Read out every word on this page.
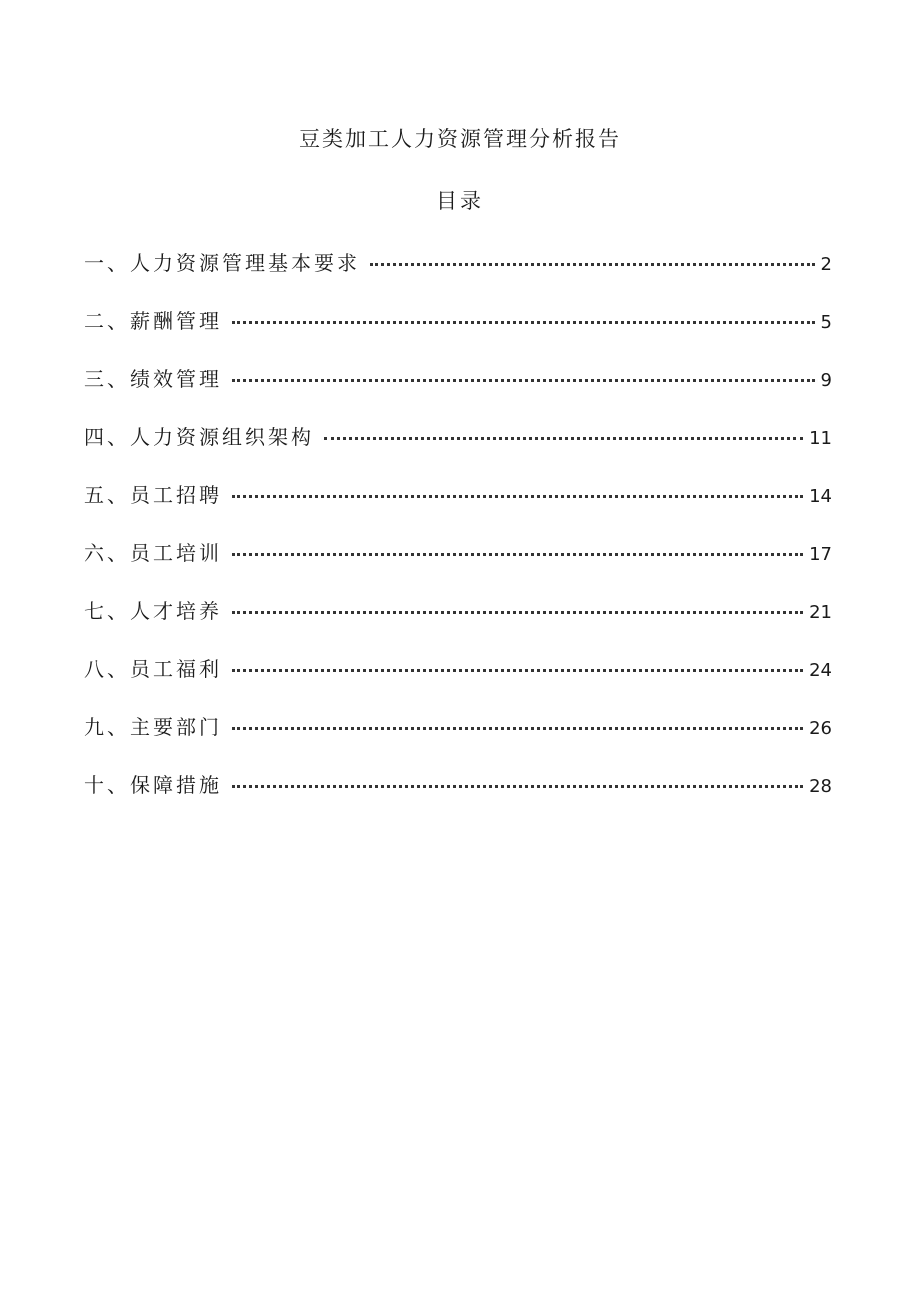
豆类加工人力资源管理分析报告
目录
一、人力资源管理基本要求	2
二、薪酬管理	5
三、绩效管理	9
四、人力资源组织架构	11
五、员工招聘	14
六、员工培训	17
七、人才培养	21
八、员工福利	24
九、主要部门	26
十、保障措施	28
